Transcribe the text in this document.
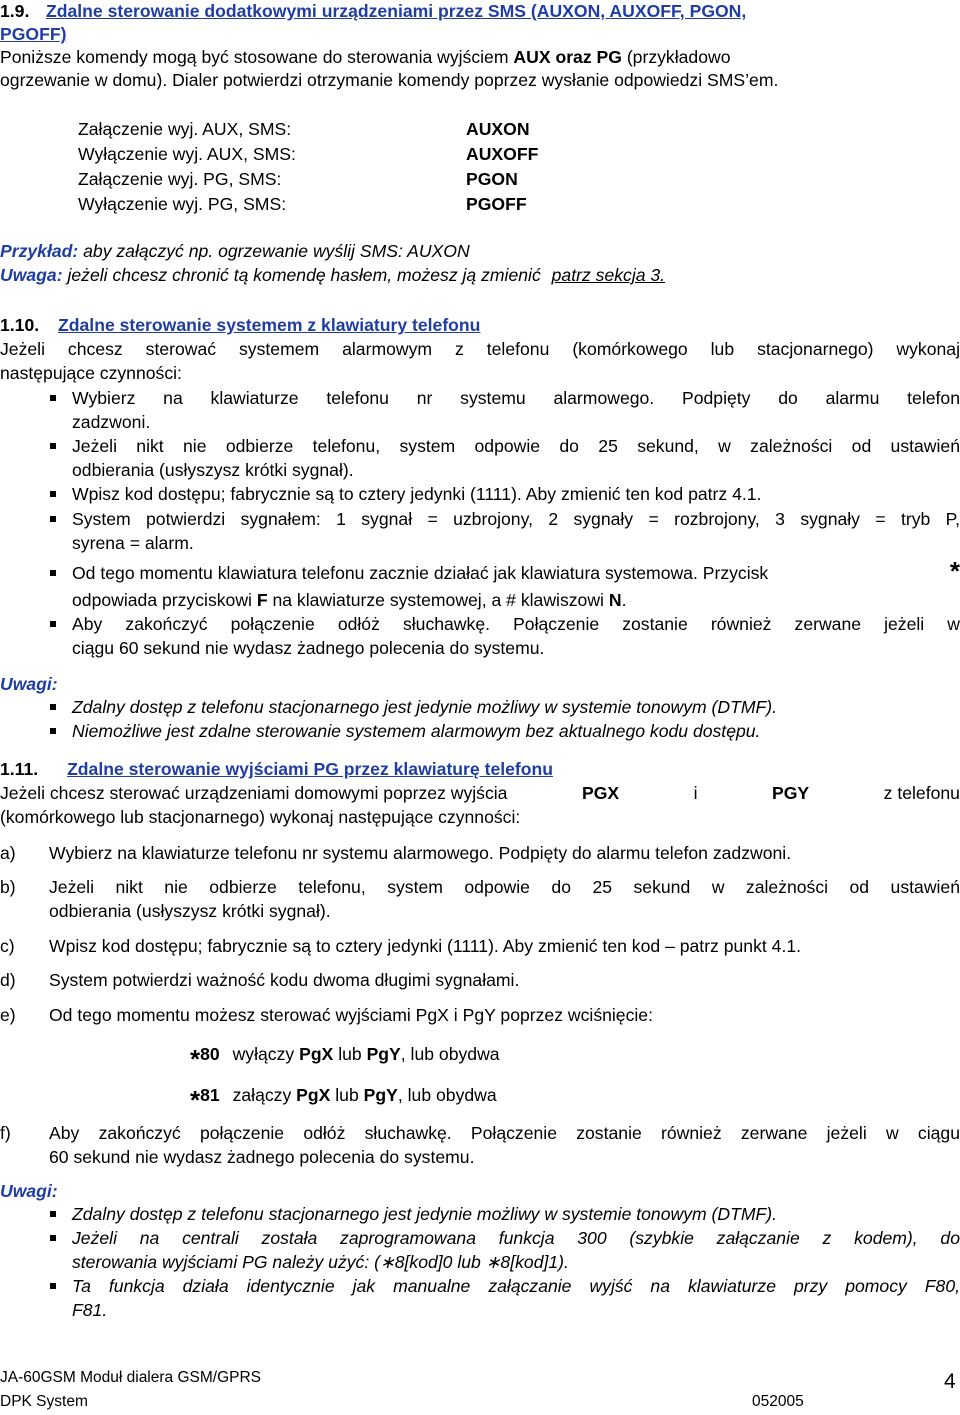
1.9. Zdalne sterowanie dodatkowymi urządzeniami przez SMS (AUXON, AUXOFF, PGON,
PGOFF)
Poniższe komendy mogą być stosowane do sterowania wyjściem AUX oraz PG (przykładowo
ogrzewanie w domu). Dialer potwierdzi otrzymanie komendy poprzez wysłanie odpowiedzi SMS’em.
Załączenie wyj. AUX, SMS:	AUXON
Wyłączenie wyj. AUX, SMS:	AUXOFF
Załączenie wyj. PG, SMS:	PGON
Wyłączenie wyj. PG, SMS:	PGOFF
Przykład: aby załączyć np. ogrzewanie wyślij SMS: AUXON
Uwaga: jeżeli chcesz chronić tą komendę hasłem, możesz ją zmienić patrz sekcja 3.
1.10. Zdalne sterowanie systemem z klawiatury telefonu
Jeżeli chcesz sterować systemem alarmowym z telefonu (komórkowego lub stacjonarnego) wykonaj
następujące czynności:
Wybierz na klawiaturze telefonu nr systemu alarmowego. Podpięty do alarmu telefon
zadzwoni.
Jeżeli nikt nie odbierze telefonu, system odpowie do 25 sekund, w zależności od ustawień
odbierania (usłyszysz krótki sygnał).
Wpisz kod dostępu; fabrycznie są to cztery jedynki (1111). Aby zmienić ten kod patrz 4.1.
System potwierdzi sygnałem: 1 sygnał = uzbrojony, 2 sygnały = rozbrojony, 3 sygnały = tryb P,
syrena = alarm.
Od tego momentu klawiatura telefonu zacznie działać jak klawiatura systemowa. Przycisk	*
odpowiada przyciskowi F na klawiaturze systemowej, a # klawiszowi N.
Aby zakończyć połączenie odłóż słuchawkę. Połączenie zostanie również zerwane jeżeli w
ciągu 60 sekund nie wydasz żadnego polecenia do systemu.
Uwagi:
Zdalny dostęp z telefonu stacjonarnego jest jedynie możliwy w systemie tonowym (DTMF).
Niemożliwe jest zdalne sterowanie systemem alarmowym bez aktualnego kodu dostępu.
1.11. Zdalne sterowanie wyjściami PG przez klawiaturę telefonu
Jeżeli chcesz sterować urządzeniami domowymi poprzez wyjścia	PGX	i	PGY	z telefonu
(komórkowego lub stacjonarnego) wykonaj następujące czynności:
a) Wybierz na klawiaturze telefonu nr systemu alarmowego. Podpięty do alarmu telefon zadzwoni.
b) Jeżeli nikt nie odbierze telefonu, system odpowie do 25 sekund w zależności od ustawień
odbierania (usłyszysz krótki sygnał).
c) Wpisz kod dostępu; fabrycznie są to cztery jedynki (1111). Aby zmienić ten kod – patrz punkt 4.1.
d) System potwierdzi ważność kodu dwoma długimi sygnałami.
e) Od tego momentu możesz sterować wyjściami PgX i PgY poprzez wciśnięcie:
*80 wyłączy PgX lub PgY, lub obydwa
*81 załączy PgX lub PgY, lub obydwa
f) Aby zakończyć połączenie odłóż słuchawkę. Połączenie zostanie również zerwane jeżeli w ciągu
60 sekund nie wydasz żadnego polecenia do systemu.
Uwagi:
Zdalny dostęp z telefonu stacjonarnego jest jedynie możliwy w systemie tonowym (DTMF).
Jeżeli na centrali została zaprogramowana funkcja 300 (szybkie załączanie z kodem), do
sterowania wyjściami PG należy użyć: (∗8[kod]0 lub ∗8[kod]1).
Ta funkcja działa identycznie jak manualne załączanie wyjść na klawiaturze przy pomocy F80,
F81.
JA-60GSM Moduł dialera GSM/GPRS
DPK System	052005
4
